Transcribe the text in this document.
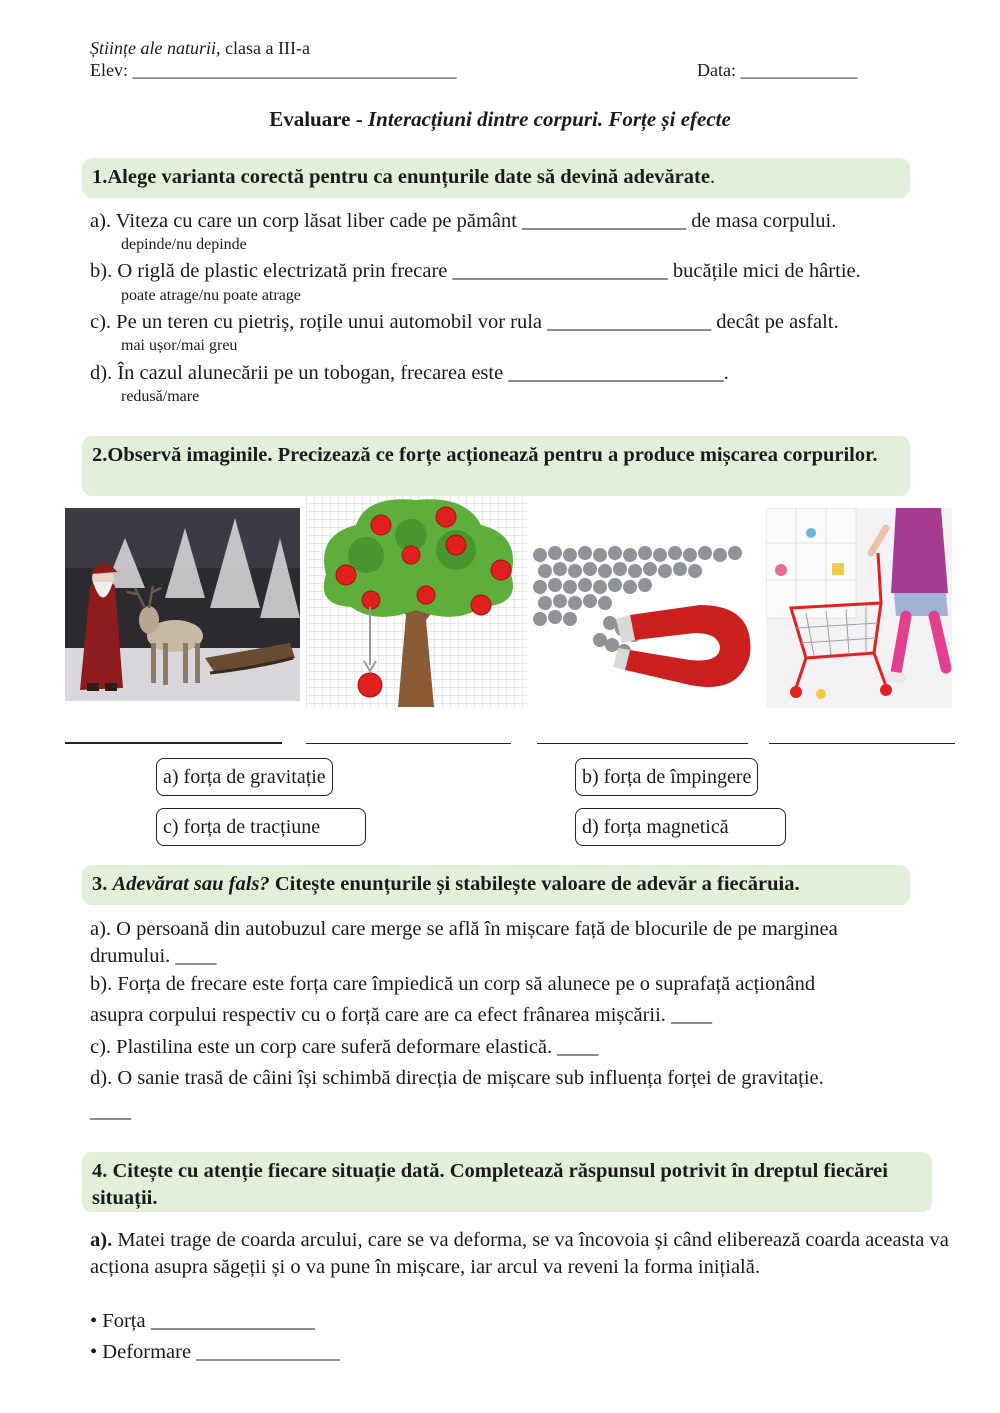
Științe ale naturii, clasa a III-a
Elev: ____________________________________	Data: _____________
Evaluare - Interacțiuni dintre corpuri. Forțe și efecte
1.Alege varianta corectă pentru ca enunțurile date să devină adevărate.
a). Viteza cu care un corp lăsat liber cade pe pământ ________________ de masa corpului.
depinde/nu depinde
b). O riglă de plastic electrizată prin frecare _____________________ bucățile mici de hârtie.
poate atrage/nu poate atrage
c). Pe un teren cu pietriș, roțile unui automobil vor rula ________________ decât pe asfalt.
mai ușor/mai greu
d). În cazul alunecării pe un tobogan, frecarea este _____________________.
redusă/mare
2.Observă imaginile. Precizează ce forțe acționează pentru a produce mișcarea corpurilor.
a) forța de gravitație	b) forța de împingere
c) forța de tracțiune	d) forța magnetică
3. Adevărat sau fals? Citește enunțurile și stabilește valoare de adevăr a fiecăruia.
a). O persoană din autobuzul care merge se află în mișcare față de blocurile de pe marginea
drumului. ____
b). Forța de frecare este forța care împiedică un corp să alunece pe o suprafață acționând
asupra corpului respectiv cu o forță care are ca efect frânarea mișcării. ____
c). Plastilina este un corp care suferă deformare elastică. ____
d). O sanie trasă de câini își schimbă direcția de mișcare sub influența forței de gravitație.
____
4. Citește cu atenție fiecare situație dată. Completează răspunsul potrivit în dreptul fiecărei situații.
a). Matei trage de coarda arcului, care se va deforma, se va încovoia și când eliberează coarda aceasta va acționa asupra săgeții și o va pune în mișcare, iar arcul va reveni la forma inițială.
• Forța ________________
• Deformare ______________
